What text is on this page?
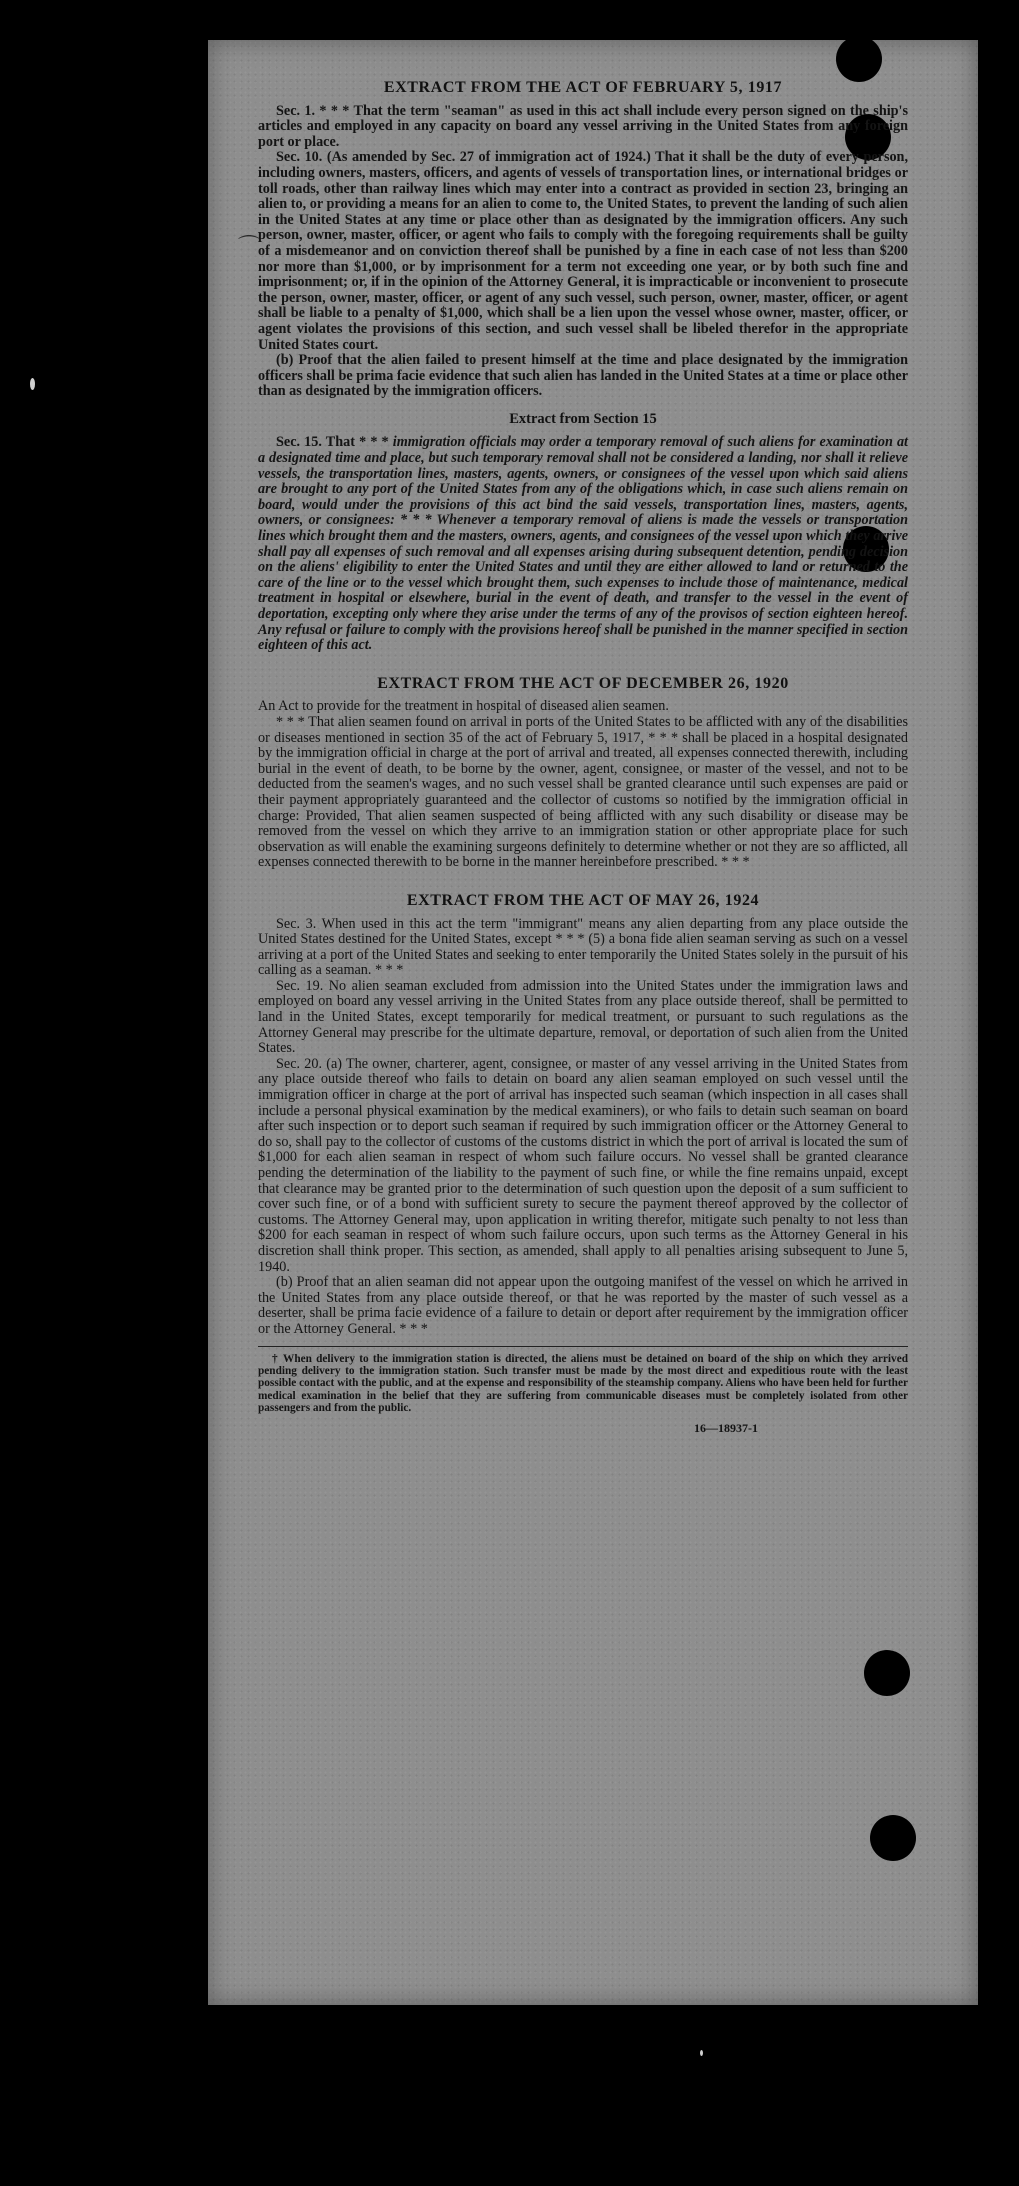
⌒
EXTRACT FROM THE ACT OF FEBRUARY 5, 1917

Sec. 1. * * * That the term "seaman" as used in this act shall include every person signed on the ship's articles and employed in any capacity on board any vessel arriving in the United States from any foreign port or place.

Sec. 10. (As amended by Sec. 27 of immigration act of 1924.) That it shall be the duty of every person, including owners, masters, officers, and agents of vessels of transportation lines, or international bridges or toll roads, other than railway lines which may enter into a contract as provided in section 23, bringing an alien to, or providing a means for an alien to come to, the United States, to prevent the landing of such alien in the United States at any time or place other than as designated by the immigration officers. Any such person, owner, master, officer, or agent who fails to comply with the foregoing requirements shall be guilty of a misdemeanor and on conviction thereof shall be punished by a fine in each case of not less than $200 nor more than $1,000, or by imprisonment for a term not exceeding one year, or by both such fine and imprisonment; or, if in the opinion of the Attorney General, it is impracticable or inconvenient to prosecute the person, owner, master, officer, or agent of any such vessel, such person, owner, master, officer, or agent shall be liable to a penalty of $1,000, which shall be a lien upon the vessel whose owner, master, officer, or agent violates the provisions of this section, and such vessel shall be libeled therefor in the appropriate United States court.

(b) Proof that the alien failed to present himself at the time and place designated by the immigration officers shall be prima facie evidence that such alien has landed in the United States at a time or place other than as designated by the immigration officers.

Extract from Section 15

Sec. 15. That * * * immigration officials may order a temporary removal of such aliens for examination at a designated time and place, but such temporary removal shall not be considered a landing, nor shall it relieve vessels, the transportation lines, masters, agents, owners, or consignees of the vessel upon which said aliens are brought to any port of the United States from any of the obligations which, in case such aliens remain on board, would under the provisions of this act bind the said vessels, transportation lines, masters, agents, owners, or consignees: * * * Whenever a temporary removal of aliens is made the vessels or transportation lines which brought them and the masters, owners, agents, and consignees of the vessel upon which they arrive shall pay all expenses of such removal and all expenses arising during subsequent detention, pending decision on the aliens' eligibility to enter the United States and until they are either allowed to land or returned to the care of the line or to the vessel which brought them, such expenses to include those of maintenance, medical treatment in hospital or elsewhere, burial in the event of death, and transfer to the vessel in the event of deportation, excepting only where they arise under the terms of any of the provisos of section eighteen hereof. Any refusal or failure to comply with the provisions hereof shall be punished in the manner specified in section eighteen of this act.

EXTRACT FROM THE ACT OF DECEMBER 26, 1920

An Act to provide for the treatment in hospital of diseased alien seamen.

* * * That alien seamen found on arrival in ports of the United States to be afflicted with any of the disabilities or diseases mentioned in section 35 of the act of February 5, 1917, * * * shall be placed in a hospital designated by the immigration official in charge at the port of arrival and treated, all expenses connected therewith, including burial in the event of death, to be borne by the owner, agent, consignee, or master of the vessel, and not to be deducted from the seamen's wages, and no such vessel shall be granted clearance until such expenses are paid or their payment appropriately guaranteed and the collector of customs so notified by the immigration official in charge: Provided, That alien seamen suspected of being afflicted with any such disability or disease may be removed from the vessel on which they arrive to an immigration station or other appropriate place for such observation as will enable the examining surgeons definitely to determine whether or not they are so afflicted, all expenses connected therewith to be borne in the manner hereinbefore prescribed. * * *

EXTRACT FROM THE ACT OF MAY 26, 1924

Sec. 3. When used in this act the term "immigrant" means any alien departing from any place outside the United States destined for the United States, except * * * (5) a bona fide alien seaman serving as such on a vessel arriving at a port of the United States and seeking to enter temporarily the United States solely in the pursuit of his calling as a seaman. * * *

Sec. 19. No alien seaman excluded from admission into the United States under the immigration laws and employed on board any vessel arriving in the United States from any place outside thereof, shall be permitted to land in the United States, except temporarily for medical treatment, or pursuant to such regulations as the Attorney General may prescribe for the ultimate departure, removal, or deportation of such alien from the United States.

Sec. 20. (a) The owner, charterer, agent, consignee, or master of any vessel arriving in the United States from any place outside thereof who fails to detain on board any alien seaman employed on such vessel until the immigration officer in charge at the port of arrival has inspected such seaman (which inspection in all cases shall include a personal physical examination by the medical examiners), or who fails to detain such seaman on board after such inspection or to deport such seaman if required by such immigration officer or the Attorney General to do so, shall pay to the collector of customs of the customs district in which the port of arrival is located the sum of $1,000 for each alien seaman in respect of whom such failure occurs. No vessel shall be granted clearance pending the determination of the liability to the payment of such fine, or while the fine remains unpaid, except that clearance may be granted prior to the determination of such question upon the deposit of a sum sufficient to cover such fine, or of a bond with sufficient surety to secure the payment thereof approved by the collector of customs. The Attorney General may, upon application in writing therefor, mitigate such penalty to not less than $200 for each seaman in respect of whom such failure occurs, upon such terms as the Attorney General in his discretion shall think proper. This section, as amended, shall apply to all penalties arising subsequent to June 5, 1940.

(b) Proof that an alien seaman did not appear upon the outgoing manifest of the vessel on which he arrived in the United States from any place outside thereof, or that he was reported by the master of such vessel as a deserter, shall be prima facie evidence of a failure to detain or deport after requirement by the immigration officer or the Attorney General. * * *

† When delivery to the immigration station is directed, the aliens must be detained on board of the ship on which they arrived pending delivery to the immigration station. Such transfer must be made by the most direct and expeditious route with the least possible contact with the public, and at the expense and responsibility of the steamship company. Aliens who have been held for further medical examination in the belief that they are suffering from communicable diseases must be completely isolated from other passengers and from the public.

16—18937-1
